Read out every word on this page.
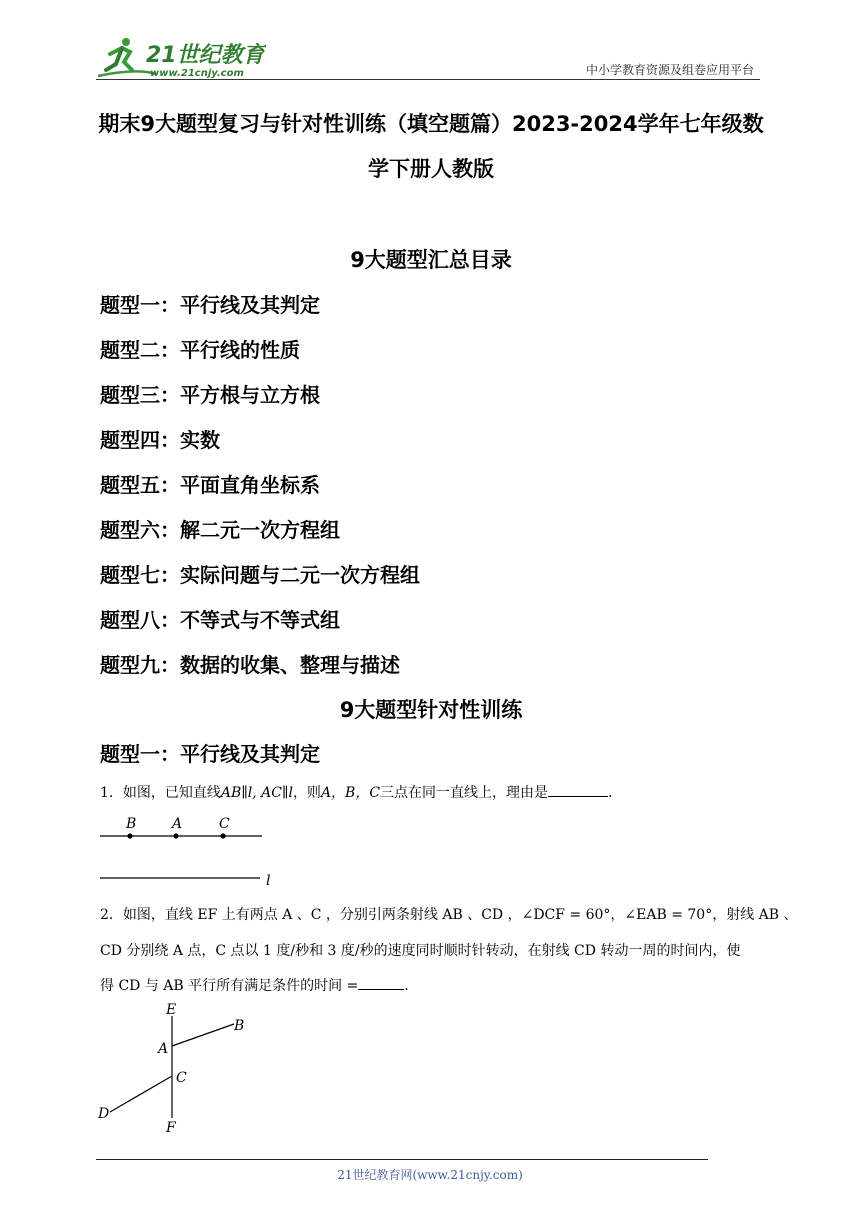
21世纪教育
www.21cnjy.com	中小学教育资源及组卷应用平台
期末9大题型复习与针对性训练（填空题篇）2023-2024学年七年级数
学下册人教版
9大题型汇总目录
题型一：平行线及其判定
题型二：平行线的性质
题型三：平方根与立方根
题型四：实数
题型五：平面直角坐标系
题型六：解二元一次方程组
题型七：实际问题与二元一次方程组
题型八：不等式与不等式组
题型九：数据的收集、整理与描述
9大题型针对性训练
题型一：平行线及其判定
1．如图，已知直线AB∥l, AC∥l，则A，B，C三点在同一直线上，理由是	．
B	A	C
l
2．如图，直线 EF 上有两点 A 、C ，分别引两条射线 AB 、CD ，∠DCF = 60°，∠EAB = 70°，射线 AB 、
CD 分别绕 A 点，C 点以 1 度/秒和 3 度/秒的速度同时顺时针转动，在射线 CD 转动一周的时间内，使
得 CD 与 AB 平行所有满足条件的时间 =	．
E
B
A
C
D
F
21世纪教育网(www.21cnjy.com)
